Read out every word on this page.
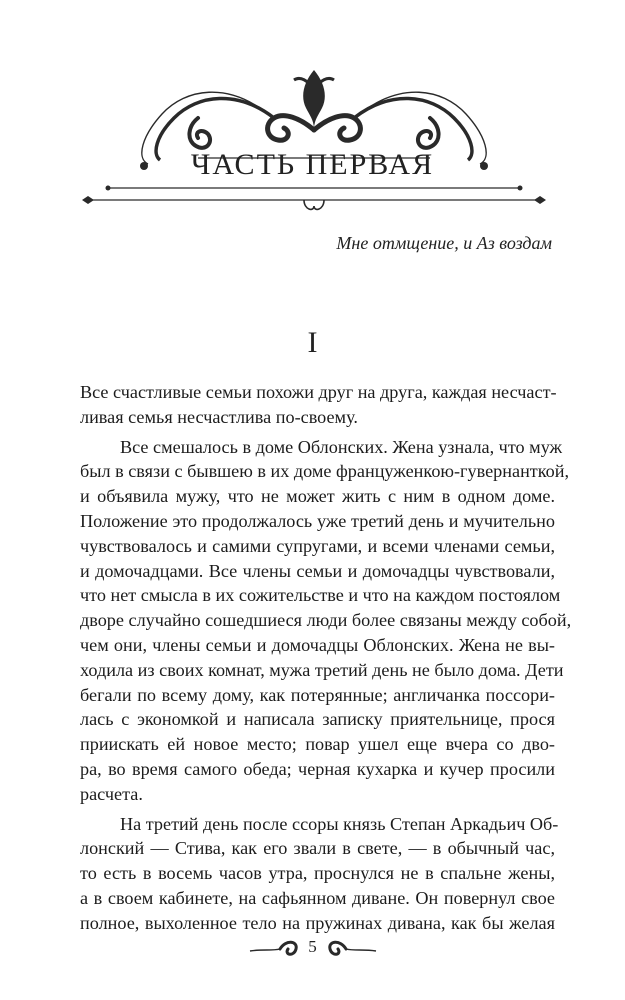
ЧАСТЬ ПЕРВАЯ
Мне отмщение, и Аз воздам
I
Все счастливые семьи похожи друг на друга, каждая несчаст-
ливая семья несчастлива по-своему.
Все смешалось в доме Облонских. Жена узнала, что муж
был в связи с бывшею в их доме француженкою-гувернанткой,
и объявила мужу, что не может жить с ним в одном доме.
Положение это продолжалось уже третий день и мучительно
чувствовалось и самими супругами, и всеми членами семьи,
и домочадцами. Все члены семьи и домочадцы чувствовали,
что нет смысла в их сожительстве и что на каждом постоялом
дворе случайно сошедшиеся люди более связаны между собой,
чем они, члены семьи и домочадцы Облонских. Жена не вы-
ходила из своих комнат, мужа третий день не было дома. Дети
бегали по всему дому, как потерянные; англичанка поссори-
лась с экономкой и написала записку приятельнице, прося
приискать ей новое место; повар ушел еще вчера со дво-
ра, во время самого обеда; черная кухарка и кучер просили
расчета.
На третий день после ссоры князь Степан Аркадьич Об-
лонский — Стива, как его звали в свете, — в обычный час,
то есть в восемь часов утра, проснулся не в спальне жены,
а в своем кабинете, на сафьянном диване. Он повернул свое
полное, выхоленное тело на пружинах дивана, как бы желая
5
